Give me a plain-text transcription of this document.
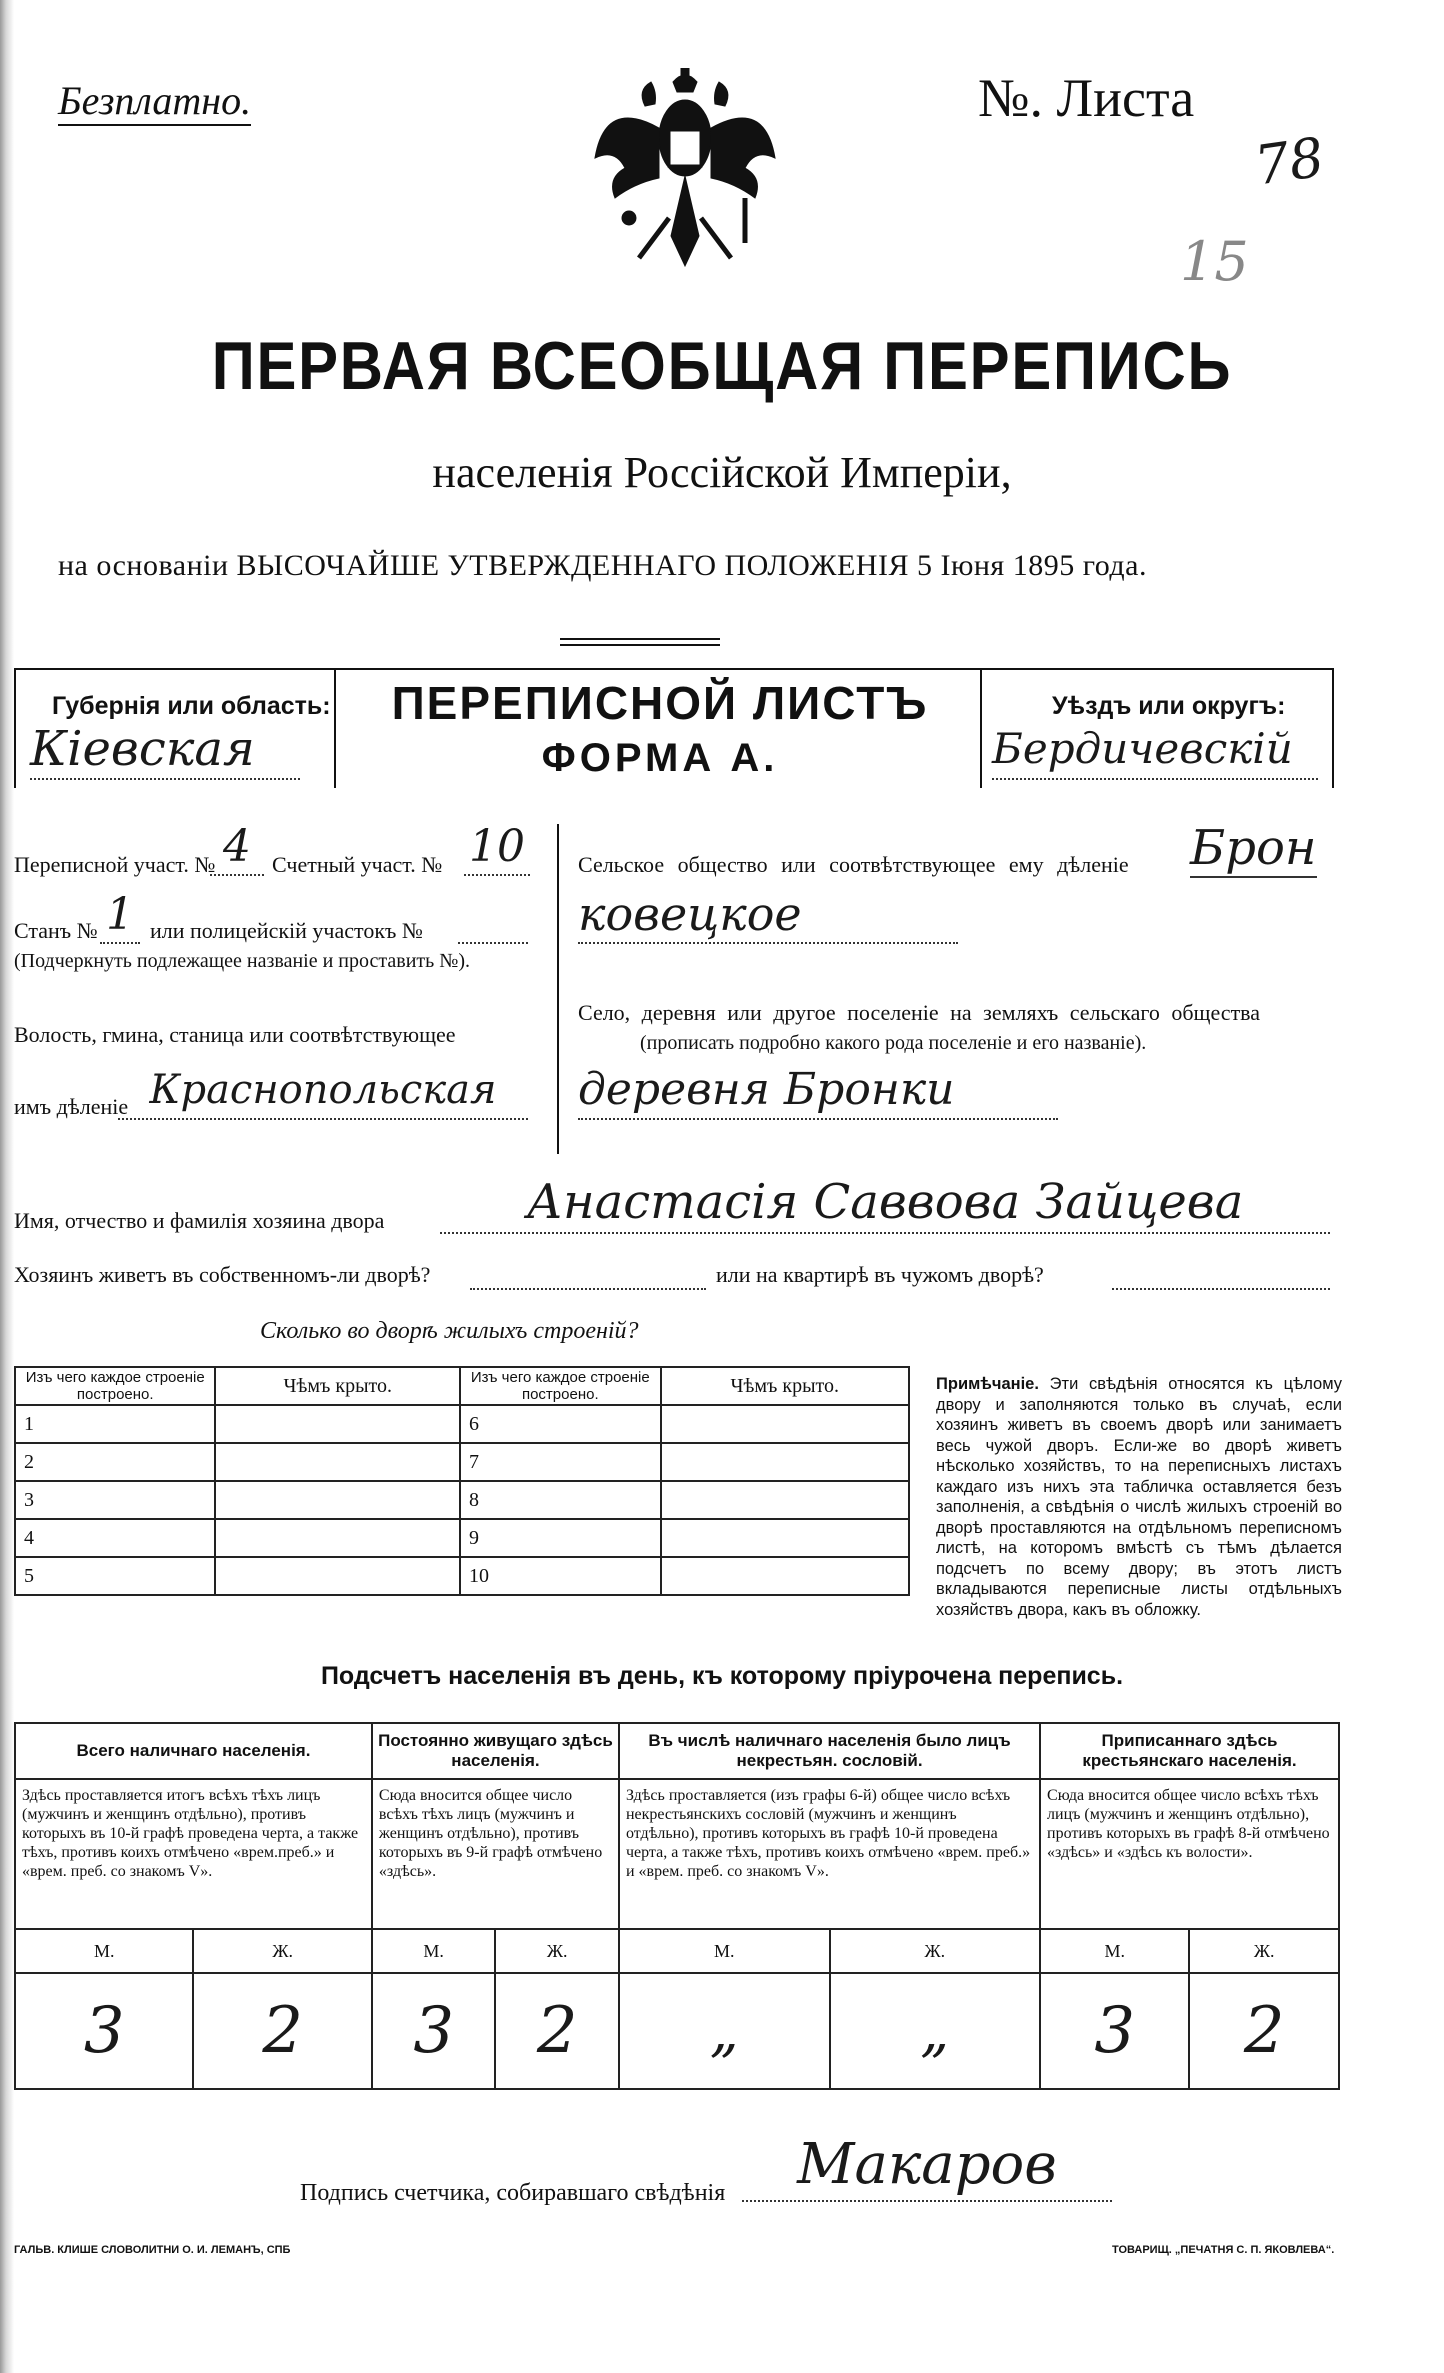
Безплатно.	№. Листа
78
15
ПЕРВАЯ ВСЕОБЩАЯ ПЕРЕПИСЬ
населенія Россійской Имперіи,
на основаніи ВЫСОЧАЙШЕ УТВЕРЖДЕННАГО ПОЛОЖЕНІЯ 5 Іюня 1895 года.
Губернія или область:
Кіевская
ПЕРЕПИСНОЙ ЛИСТЪ
ФОРМА А.
Уѣздъ или округъ:
Бердичевскій
Переписной участ. № 4 Счетный участ. № 10
Станъ № 1 или полицейскій участокъ №
(Подчеркнуть подлежащее названіе и проставить №).
Волость, гмина, станица или соотвѣтствующее
имъ дѣленіе Краснопольская
Сельское общество или соотвѣтствующее ему дѣленіе Брон
ковецкое
Село, деревня или другое поселеніе на земляхъ сельскаго общества
(прописать подробно какого рода поселеніе и его названіе).
деревня Бронки
Имя, отчество и фамилія хозяина двора	Анастасія Саввова Зайцева
Хозяинъ живетъ въ собственномъ-ли дворѣ?	или на квартирѣ въ чужомъ дворѣ?
Сколько во дворѣ жилыхъ строеній?
Изъ чего каждое строеніе построено.	Чѣмъ крыто.	Изъ чего каждое строеніе построено.	Чѣмъ крыто.
1		6	
2		7	
3		8	
4		9	
5		10	
Примѣчаніе. Эти свѣдѣнія относятся къ цѣлому двору и заполняются только въ случаѣ, если хозяинъ живетъ въ своемъ дворѣ или занимаетъ весь чужой дворъ. Если-же во дворѣ живетъ нѣсколько хозяйствъ, то на переписныхъ листахъ каждаго изъ нихъ эта табличка оставляется безъ заполненія, а свѣдѣнія о числѣ жилыхъ строеній во дворѣ проставляются на отдѣльномъ переписномъ листѣ, на которомъ вмѣстѣ съ тѣмъ дѣлается подсчетъ по всему двору; въ этотъ листъ вкладываются переписные листы отдѣльныхъ хозяйствъ двора, какъ въ обложку.
Подсчетъ населенія въ день, къ которому пріурочена перепись.
Всего наличнаго населенія.		Постоянно живущаго здѣсь населенія.		Въ числѣ наличнаго населенія было лицъ некрестьян. сословій.		Приписаннаго здѣсь крестьянскаго населенія.	
Здѣсь проставляется итогъ всѣхъ тѣхъ лицъ (мужчинъ и женщинъ отдѣльно), противъ которыхъ въ 10-й графѣ проведена черта, а также тѣхъ, противъ коихъ отмѣчено «врем.преб.» и «врем. преб. со знакомъ V».		Сюда вносится общее число всѣхъ тѣхъ лицъ (мужчинъ и женщинъ отдѣльно), противъ которыхъ въ 9-й графѣ отмѣчено «здѣсь».		Здѣсь проставляется (изъ графы 6-й) общее число всѣхъ некрестьянскихъ сословій (мужчинъ и женщинъ отдѣльно), противъ которыхъ въ графѣ 10-й проведена черта, а также тѣхъ, противъ коихъ отмѣчено «врем. преб.» и «врем. преб. со знакомъ V».		Сюда вносится общее число всѣхъ тѣхъ лицъ (мужчинъ и женщинъ отдѣльно), противъ которыхъ въ графѣ 8-й отмѣчено «здѣсь» и «здѣсь къ волости».	
М.	Ж.	М.	Ж.	М.	Ж.	М.	Ж.
3	2	3	2	„	„	3	2
Подпись счетчика, собиравшаго свѣдѣнія	Макаров
ГАЛЬВ. КЛИШЕ СЛОВОЛИТНИ О. И. ЛЕМАНЪ, СПБ	ТОВАРИЩ. „ПЕЧАТНЯ С. П. ЯКОВЛЕВА“.
